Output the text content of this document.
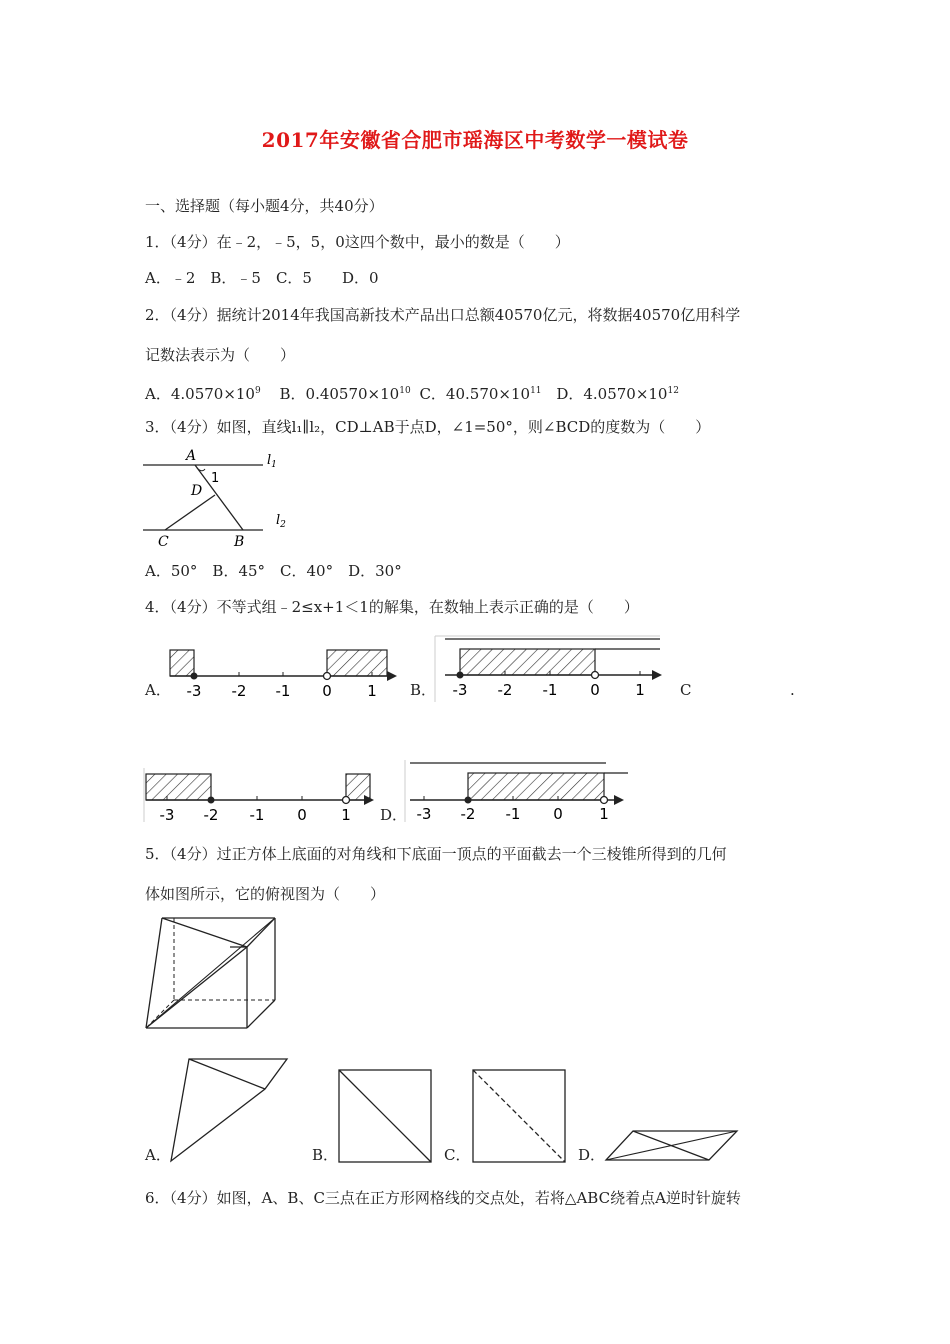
2017年安徽省合肥市瑶海区中考数学一模试卷
一、选择题（每小题4分，共40分）
1．（4分）在﹣2，﹣5，5，0这四个数中，最小的数是（　　）
A．﹣2　B．﹣5　C．5　　D．0
2．（4分）据统计2014年我国高新技术产品出口总额40570亿元，将数据40570亿用科学
记数法表示为（　　）
A．$4.0570\times 10^9$ B．$0.40570\times 10^{10}$ C．$40.570\times 10^{11}$ D．$4.0570\times 10^{12}$
3．（4分）如图，直线l₁∥l₂，CD⊥AB于点D，∠1=50°，则∠BCD的度数为（　　）
A
1
D
C	B
$l_1$
$l_2$
A．50°　B．45°　C．40°　D．30°
4．（4分）不等式组﹣2≤x+1＜1的解集，在数轴上表示正确的是（　　）
A． -3 -2 -1 0 1 B． -3 -2 -1 0 1 C	.
-3 -2 -1 0 1 D． -3 -2 -1 0 1
5．（4分）过正方体上底面的对角线和下底面一顶点的平面截去一个三棱锥所得到的几何
体如图所示，它的俯视图为（　　）
A．	B．	C．	D．
6．（4分）如图，A、B、C三点在正方形网格线的交点处，若将△ABC绕着点A逆时针旋转
